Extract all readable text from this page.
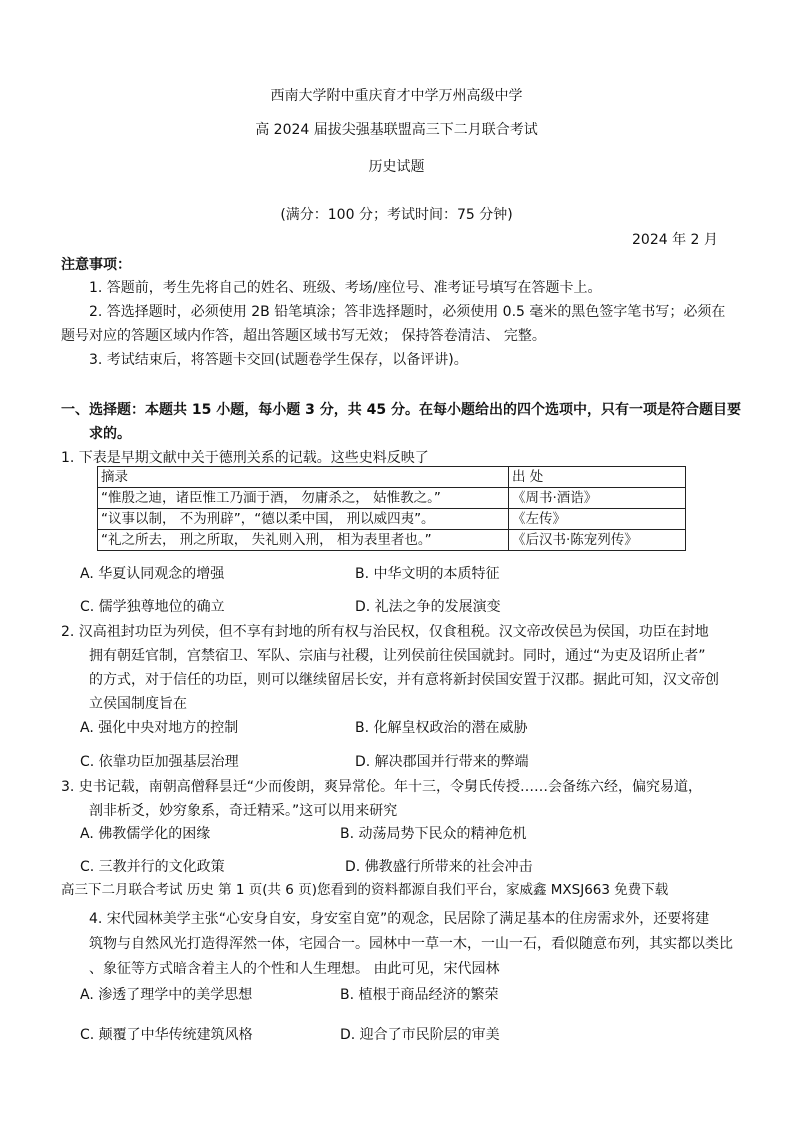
西南大学附中重庆育才中学万州高级中学
高 2024 届拔尖强基联盟高三下二月联合考试
历史试题
(满分：100 分；考试时间：75 分钟)
2024 年 2 月
注意事项：
1. 答题前，考生先将自己的姓名、班级、考场/座位号、准考证号填写在答题卡上。
2. 答选择题时，必须使用 2B 铅笔填涂；答非选择题时，必须使用 0.5 毫米的黑色签字笔书写；必须在
题号对应的答题区域内作答，超出答题区域书写无效； 保持答卷清洁、 完整。
3. 考试结束后，将答题卡交回(试题卷学生保存，以备评讲)。
一、选择题：本题共 15 小题，每小题 3 分，共 45 分。在每小题给出的四个选项中，只有一项是符合题目要
求的。
1. 下表是早期文献中关于德刑关系的记载。这些史料反映了
摘录	出 处
“惟殷之迪，诸臣惟工乃湎于酒， 勿庸杀之， 姑惟教之。”	《周书·酒诰》
“议事以制， 不为刑辟”，“德以柔中国， 刑以威四夷”。	《左传》
“礼之所去， 刑之所取， 失礼则入刑， 相为表里者也。”	《后汉书·陈宠列传》
A. 华夏认同观念的增强	B. 中华文明的本质特征
C. 儒学独尊地位的确立	D. 礼法之争的发展演变
2. 汉高祖封功臣为列侯，但不享有封地的所有权与治民权，仅食租税。汉文帝改侯邑为侯国，功臣在封地
拥有朝廷官制，宫禁宿卫、军队、宗庙与社稷，让列侯前往侯国就封。同时，通过“为吏及诏所止者”
的方式，对于信任的功臣，则可以继续留居长安，并有意将新封侯国安置于汉郡。据此可知，汉文帝创
立侯国制度旨在
A. 强化中央对地方的控制	B. 化解皇权政治的潜在威胁
C. 依靠功臣加强基层治理	D. 解决郡国并行带来的弊端
3. 史书记载，南朝高僧释昙迁“少而俊朗，爽异常伦。年十三，令舅氏传授……会备练六经，偏究易道，
剖非析爻，妙穷象系，奇迁精采。”这可以用来研究
A. 佛教儒学化的困缘	B. 动荡局势下民众的精神危机
C. 三教并行的文化政策	D. 佛教盛行所带来的社会冲击
高三下二月联合考试 历史 第 1 页(共 6 页)您看到的资料都源自我们平台，家威鑫 MXSJ663 免费下载
4. 宋代园林美学主张“心安身自安，身安室自宽”的观念，民居除了满足基本的住房需求外，还要将建
筑物与自然风光打造得浑然一体，宅园合一。园林中一草一木，一山一石，看似随意布列，其实都以类比
、象征等方式暗含着主人的个性和人生理想。 由此可见，宋代园林
A. 渗透了理学中的美学思想	B. 植根于商品经济的繁荣
C. 颠覆了中华传统建筑风格	D. 迎合了市民阶层的审美
